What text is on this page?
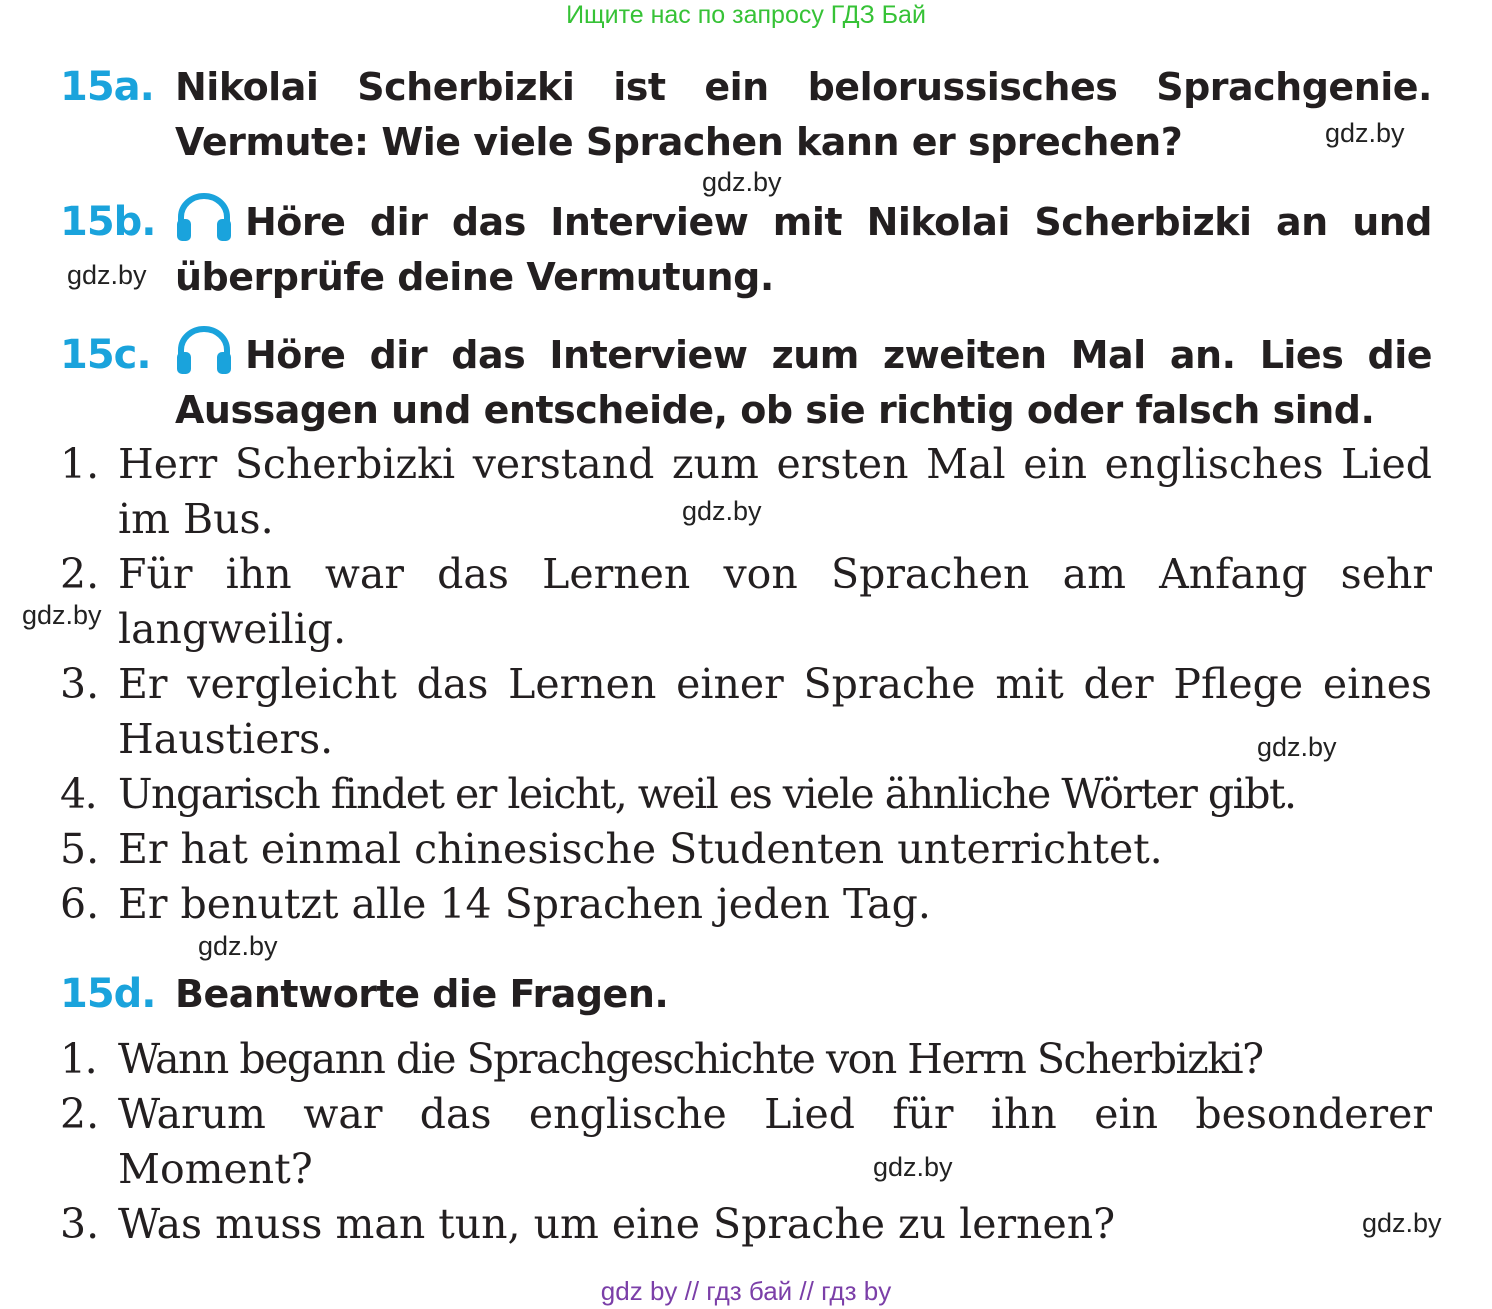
Ищите нас по запросу ГДЗ Бай
15a. Nikolai Scherbizki ist ein belorussisches Sprachgenie. Vermute: Wie viele Sprachen kann er sprechen?
15b.	Höre dir das Interview mit Nikolai Scherbizki an und überprüfe deine Vermutung.
15c.	Höre dir das Interview zum zweiten Mal an. Lies die Aussagen und entscheide, ob sie richtig oder falsch sind.
1. Herr Scherbizki verstand zum ersten Mal ein englisches Lied im Bus.
2. Für ihn war das Lernen von Sprachen am Anfang sehr langweilig.
3. Er vergleicht das Lernen einer Sprache mit der Pflege eines Haustiers.
4. Ungarisch findet er leicht, weil es viele ähnliche Wörter gibt.
5. Er hat einmal chinesische Studenten unterrichtet.
6. Er benutzt alle 14 Sprachen jeden Tag.
15d. Beantworte die Fragen.
1. Wann begann die Sprachgeschichte von Herrn Scherbizki?
2. Warum war das englische Lied für ihn ein besonderer Moment?
3. Was muss man tun, um eine Sprache zu lernen?
gdz.by
gdz.by
gdz.by
gdz.by
gdz.by
gdz.by
gdz.by
gdz.by
gdz.by
gdz by // гдз бай // гдз by
